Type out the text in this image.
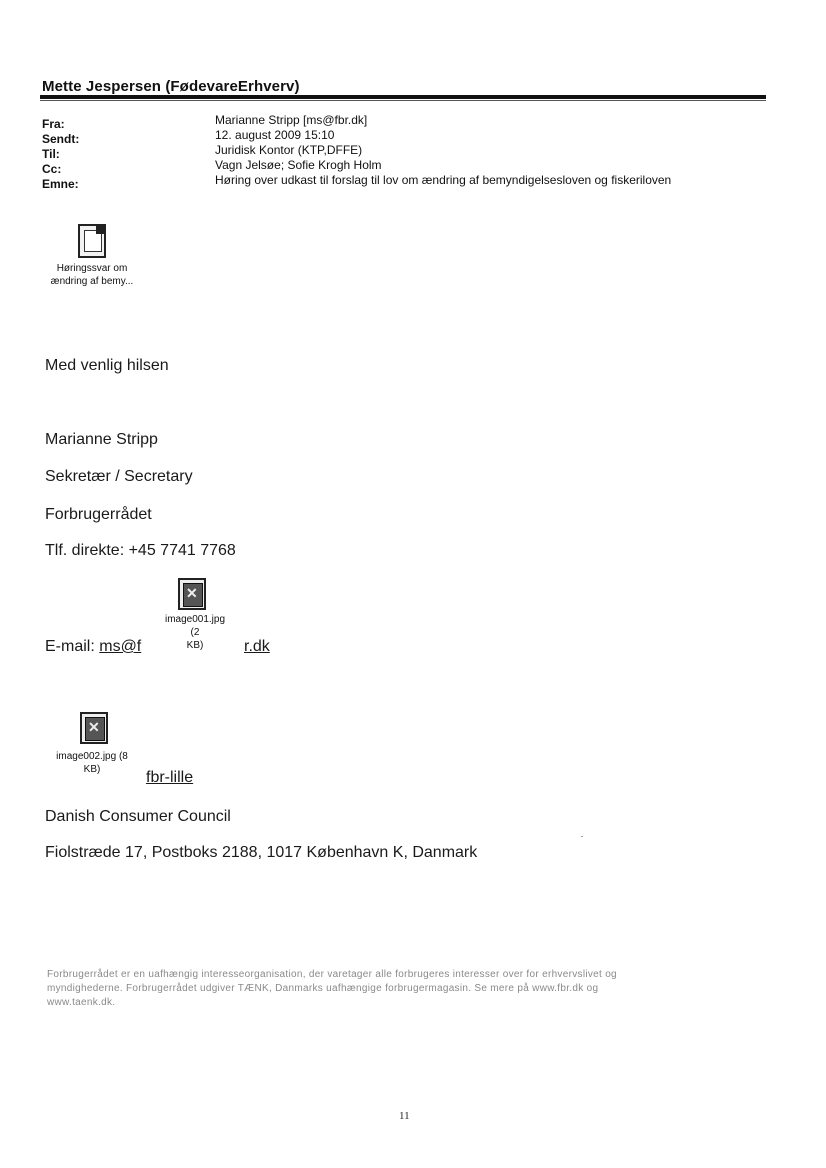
Mette Jespersen (FødevareErhverv)
Fra:
Sendt:
Til:
Cc:
Emne:
Marianne Stripp [ms@fbr.dk]
12. august 2009 15:10
Juridisk Kontor (KTP,DFFE)
Vagn Jelsøe; Sofie Krogh Holm
Høring over udkast til forslag til lov om ændring af bemyndigelsesloven og fiskeriloven
Høringssvar om
ændring af bemy...
Med venlig hilsen
Marianne Stripp
Sekretær / Secretary
Forbrugerrådet
Tlf. direkte: +45 7741 7768
✕
image001.jpg (2
KB)
E-mail: ms@f	r.dk
✕
image002.jpg (8
KB)	fbr-lille
Danish Consumer Council
Fiolstræde 17, Postboks 2188, 1017 København K, Danmark
Forbrugerrådet er en uafhængig interesseorganisation, der varetager alle forbrugeres interesser over for erhvervslivet og
myndighederne. Forbrugerrådet udgiver TÆNK, Danmarks uafhængige forbrugermagasin. Se mere på www.fbr.dk og
www.taenk.dk.
11
